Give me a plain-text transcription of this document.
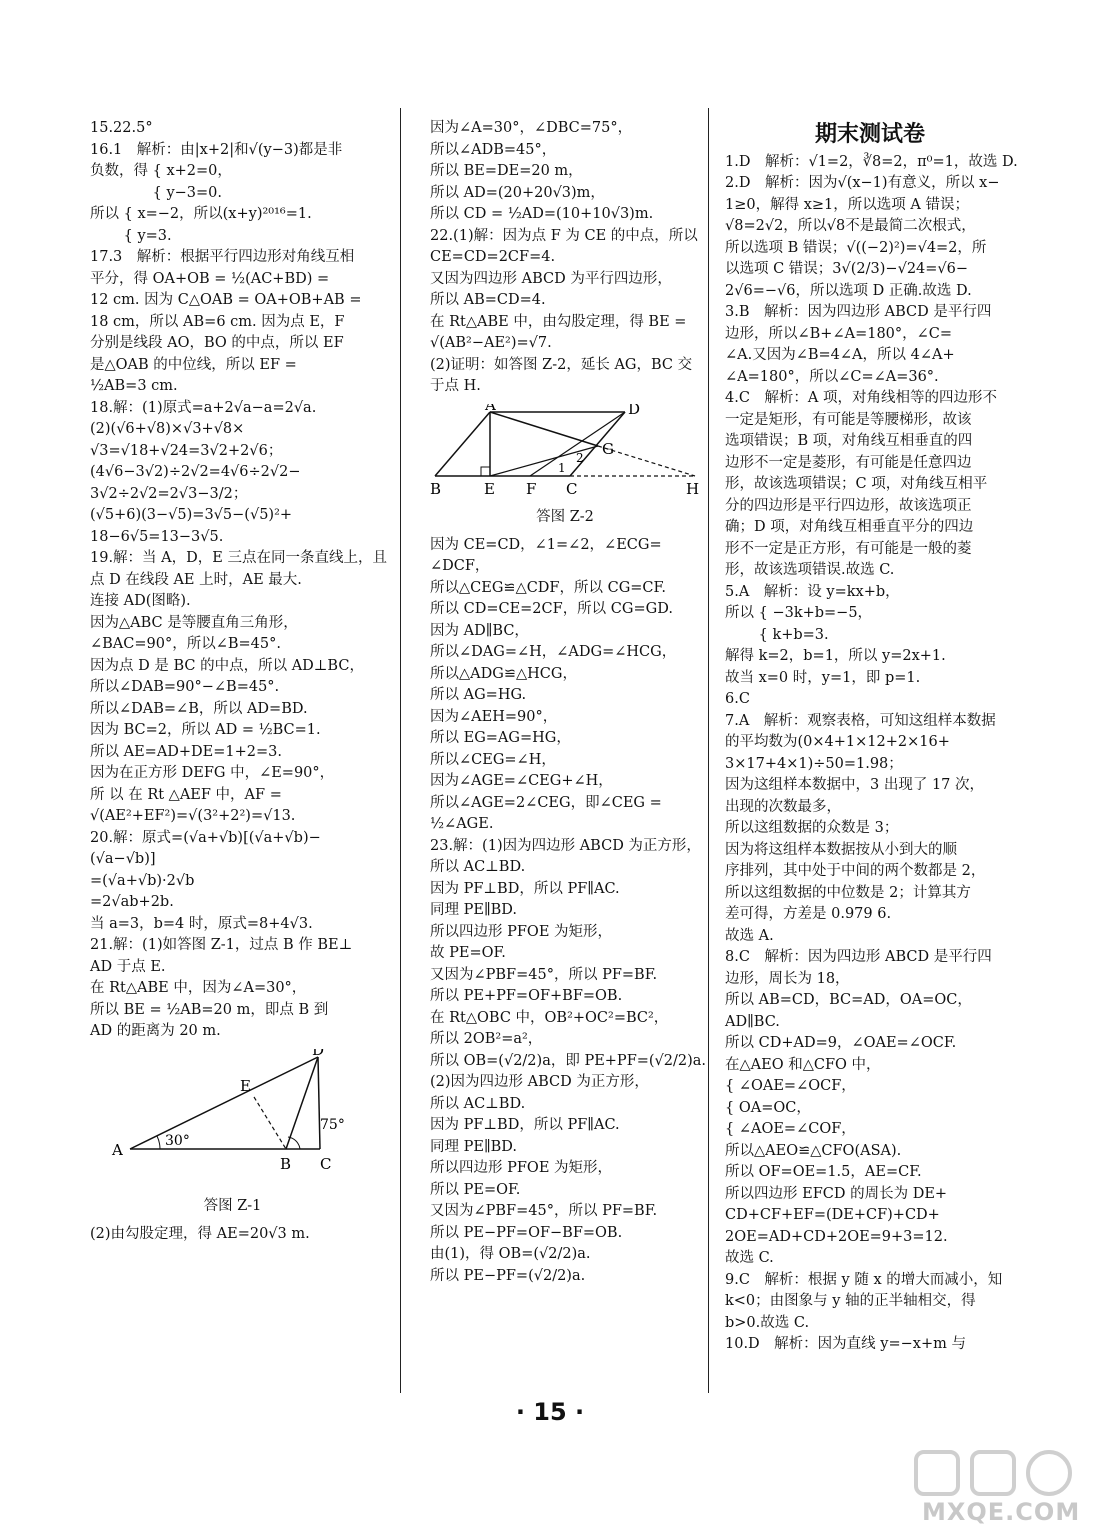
15.22.5°
16.1　解析：由|x+2|和√(y−3)都是非
负数，得 { x+2=0，
　　　　 { y−3=0.
所以 { x=−2，所以(x+y)²⁰¹⁶=1.
　　 { y=3.
17.3　解析：根据平行四边形对角线互相
平分，得 OA+OB = ½(AC+BD) =
12 cm. 因为 C△OAB = OA+OB+AB =
18 cm，所以 AB=6 cm. 因为点 E，F
分别是线段 AO，BO 的中点，所以 EF
是△OAB 的中位线，所以 EF =
½AB=3 cm.
18.解：(1)原式=a+2√a−a=2√a.
(2)(√6+√8)×√3+√8×
√3=√18+√24=3√2+2√6；
(4√6−3√2)÷2√2=4√6÷2√2−
3√2÷2√2=2√3−3/2；
(√5+6)(3−√5)=3√5−(√5)²+
18−6√5=13−3√5.
19.解：当 A，D，E 三点在同一条直线上，且
点 D 在线段 AE 上时，AE 最大.
连接 AD(图略).
因为△ABC 是等腰直角三角形，
∠BAC=90°，所以∠B=45°.
因为点 D 是 BC 的中点，所以 AD⊥BC，
所以∠DAB=90°−∠B=45°.
所以∠DAB=∠B，所以 AD=BD.
因为 BC=2，所以 AD = ½BC=1.
所以 AE=AD+DE=1+2=3.
因为在正方形 DEFG 中，∠E=90°，
所 以 在 Rt △AEF 中，AF =
√(AE²+EF²)=√(3²+2²)=√13.
20.解：原式=(√a+√b)[(√a+√b)−
(√a−√b)]
=(√a+√b)·2√b
=2√ab+2b.
当 a=3，b=4 时，原式=8+4√3.
21.解：(1)如答图 Z-1，过点 B 作 BE⊥
AD 于点 E.
在 Rt△ABE 中，因为∠A=30°，
所以 BE = ½AB=20 m，即点 B 到
AD 的距离为 20 m.
A
B C
D
E
30°
75°
答图 Z-1
(2)由勾股定理，得 AE=20√3 m.
因为∠A=30°，∠DBC=75°，
所以∠ADB=45°，
所以 BE=DE=20 m，
所以 AD=(20+20√3)m，
所以 CD = ½AD=(10+10√3)m.
22.(1)解：因为点 F 为 CE 的中点，所以
CE=CD=2CF=4.
又因为四边形 ABCD 为平行四边形，
所以 AB=CD=4.
在 Rt△ABE 中，由勾股定理，得 BE =
√(AB²−AE²)=√7.
(2)证明：如答图 Z-2，延长 AG，BC 交
于点 H.
B	E F C	H
A	D
G
1
2
答图 Z-2
因为 CE=CD，∠1=∠2，∠ECG=
∠DCF，
所以△CEG≌△CDF，所以 CG=CF.
所以 CD=CE=2CF，所以 CG=GD.
因为 AD∥BC，
所以∠DAG=∠H，∠ADG=∠HCG，
所以△ADG≌△HCG，
所以 AG=HG.
因为∠AEH=90°，
所以 EG=AG=HG，
所以∠CEG=∠H，
因为∠AGE=∠CEG+∠H，
所以∠AGE=2∠CEG，即∠CEG =
½∠AGE.
23.解：(1)因为四边形 ABCD 为正方形，
所以 AC⊥BD.
因为 PF⊥BD，所以 PF∥AC.
同理 PE∥BD.
所以四边形 PFOE 为矩形，
故 PE=OF.
又因为∠PBF=45°，所以 PF=BF.
所以 PE+PF=OF+BF=OB.
在 Rt△OBC 中，OB²+OC²=BC²，
所以 2OB²=a²，
所以 OB=(√2/2)a，即 PE+PF=(√2/2)a.
(2)因为四边形 ABCD 为正方形，
所以 AC⊥BD.
因为 PF⊥BD，所以 PF∥AC.
同理 PE∥BD.
所以四边形 PFOE 为矩形，
所以 PE=OF.
又因为∠PBF=45°，所以 PF=BF.
所以 PE−PF=OF−BF=OB.
由(1)，得 OB=(√2/2)a.
所以 PE−PF=(√2/2)a.
期末测试卷
1.D　解析：√1=2，∛8=2，π⁰=1，故选 D.
2.D　解析：因为√(x−1)有意义，所以 x−
1≥0，解得 x≥1，所以选项 A 错误；
√8=2√2，所以√8不是最简二次根式，
所以选项 B 错误；√((−2)²)=√4=2，所
以选项 C 错误；3√(2/3)−√24=√6−
2√6=−√6，所以选项 D 正确.故选 D.
3.B　解析：因为四边形 ABCD 是平行四
边形，所以∠B+∠A=180°，∠C=
∠A.又因为∠B=4∠A，所以 4∠A+
∠A=180°，所以∠C=∠A=36°.
4.C　解析：A 项，对角线相等的四边形不
一定是矩形，有可能是等腰梯形，故该
选项错误；B 项，对角线互相垂直的四
边形不一定是菱形，有可能是任意四边
形，故该选项错误；C 项，对角线互相平
分的四边形是平行四边形，故该选项正
确；D 项，对角线互相垂直平分的四边
形不一定是正方形，有可能是一般的菱
形，故该选项错误.故选 C.
5.A　解析：设 y=kx+b，
所以 { −3k+b=−5，
　　 { k+b=3.
解得 k=2，b=1，所以 y=2x+1.
故当 x=0 时，y=1，即 p=1.
6.C
7.A　解析：观察表格，可知这组样本数据
的平均数为(0×4+1×12+2×16+
3×17+4×1)÷50=1.98；
因为这组样本数据中，3 出现了 17 次，
出现的次数最多，
所以这组数据的众数是 3；
因为将这组样本数据按从小到大的顺
序排列，其中处于中间的两个数都是 2，
所以这组数据的中位数是 2；计算其方
差可得，方差是 0.979 6.
故选 A.
8.C　解析：因为四边形 ABCD 是平行四
边形，周长为 18，
所以 AB=CD，BC=AD，OA=OC，
AD∥BC.
所以 CD+AD=9，∠OAE=∠OCF.
在△AEO 和△CFO 中，
{ ∠OAE=∠OCF，
{ OA=OC，
{ ∠AOE=∠COF，
所以△AEO≌△CFO(ASA).
所以 OF=OE=1.5，AE=CF.
所以四边形 EFCD 的周长为 DE+
CD+CF+EF=(DE+CF)+CD+
2OE=AD+CD+2OE=9+3=12.
故选 C.
9.C　解析：根据 y 随 x 的增大而减小，知
k<0；由图象与 y 轴的正半轴相交，得
b>0.故选 C.
10.D　解析：因为直线 y=−x+m 与
· 15 ·
MXQE.COM
